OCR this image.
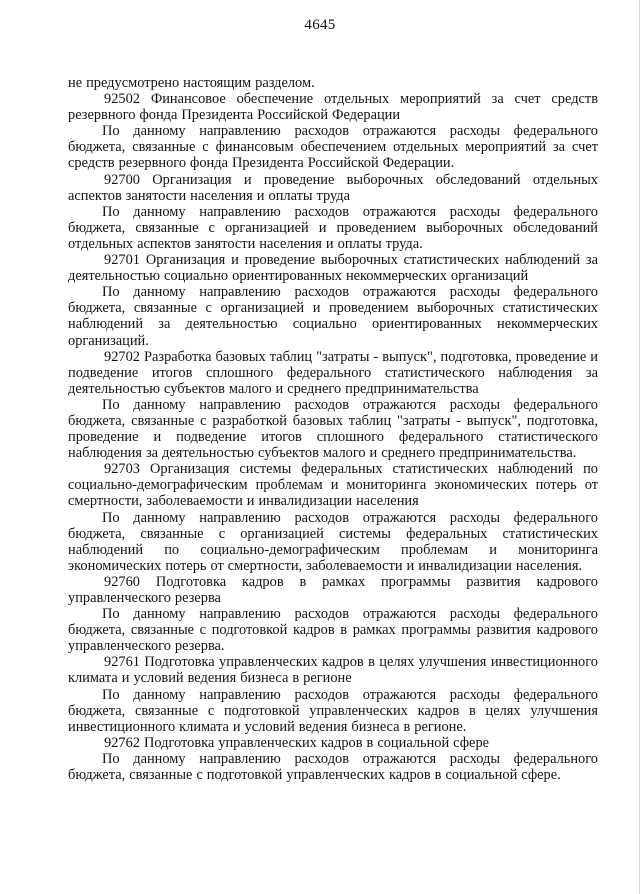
4645

не предусмотрено настоящим разделом.

92502 Финансовое обеспечение отдельных мероприятий за счет средств резервного фонда Президента Российской Федерации

По данному направлению расходов отражаются расходы федерального бюджета, связанные с финансовым обеспечением отдельных мероприятий за счет средств резервного фонда Президента Российской Федерации.

92700 Организация и проведение выборочных обследований отдельных аспектов занятости населения и оплаты труда

По данному направлению расходов отражаются расходы федерального бюджета, связанные с организацией и проведением выборочных обследований отдельных аспектов занятости населения и оплаты труда.

92701 Организация и проведение выборочных статистических наблюдений за деятельностью социально ориентированных некоммерческих организаций

По данному направлению расходов отражаются расходы федерального бюджета, связанные с организацией и проведением выборочных статистических наблюдений за деятельностью социально ориентированных некоммерческих организаций.

92702 Разработка базовых таблиц "затраты - выпуск", подготовка, проведение и подведение итогов сплошного федерального статистического наблюдения за деятельностью субъектов малого и среднего предпринимательства

По данному направлению расходов отражаются расходы федерального бюджета, связанные с разработкой базовых таблиц "затраты - выпуск", подготовка, проведение и подведение итогов сплошного федерального статистического наблюдения за деятельностью субъектов малого и среднего предпринимательства.

92703 Организация системы федеральных статистических наблюдений по социально-демографическим проблемам и мониторинга экономических потерь от смертности, заболеваемости и инвалидизации населения

По данному направлению расходов отражаются расходы федерального бюджета, связанные с организацией системы федеральных статистических наблюдений по социально-демографическим проблемам и мониторинга экономических потерь от смертности, заболеваемости и инвалидизации населения.

92760 Подготовка кадров в рамках программы развития кадрового управленческого резерва

По данному направлению расходов отражаются расходы федерального бюджета, связанные с подготовкой кадров в рамках программы развития кадрового управленческого резерва.

92761 Подготовка управленческих кадров в целях улучшения инвестиционного климата и условий ведения бизнеса в регионе

По данному направлению расходов отражаются расходы федерального бюджета, связанные с подготовкой управленческих кадров в целях улучшения инвестиционного климата и условий ведения бизнеса в регионе.

92762 Подготовка управленческих кадров в социальной сфере

По данному направлению расходов отражаются расходы федерального бюджета, связанные с подготовкой управленческих кадров в социальной сфере.
